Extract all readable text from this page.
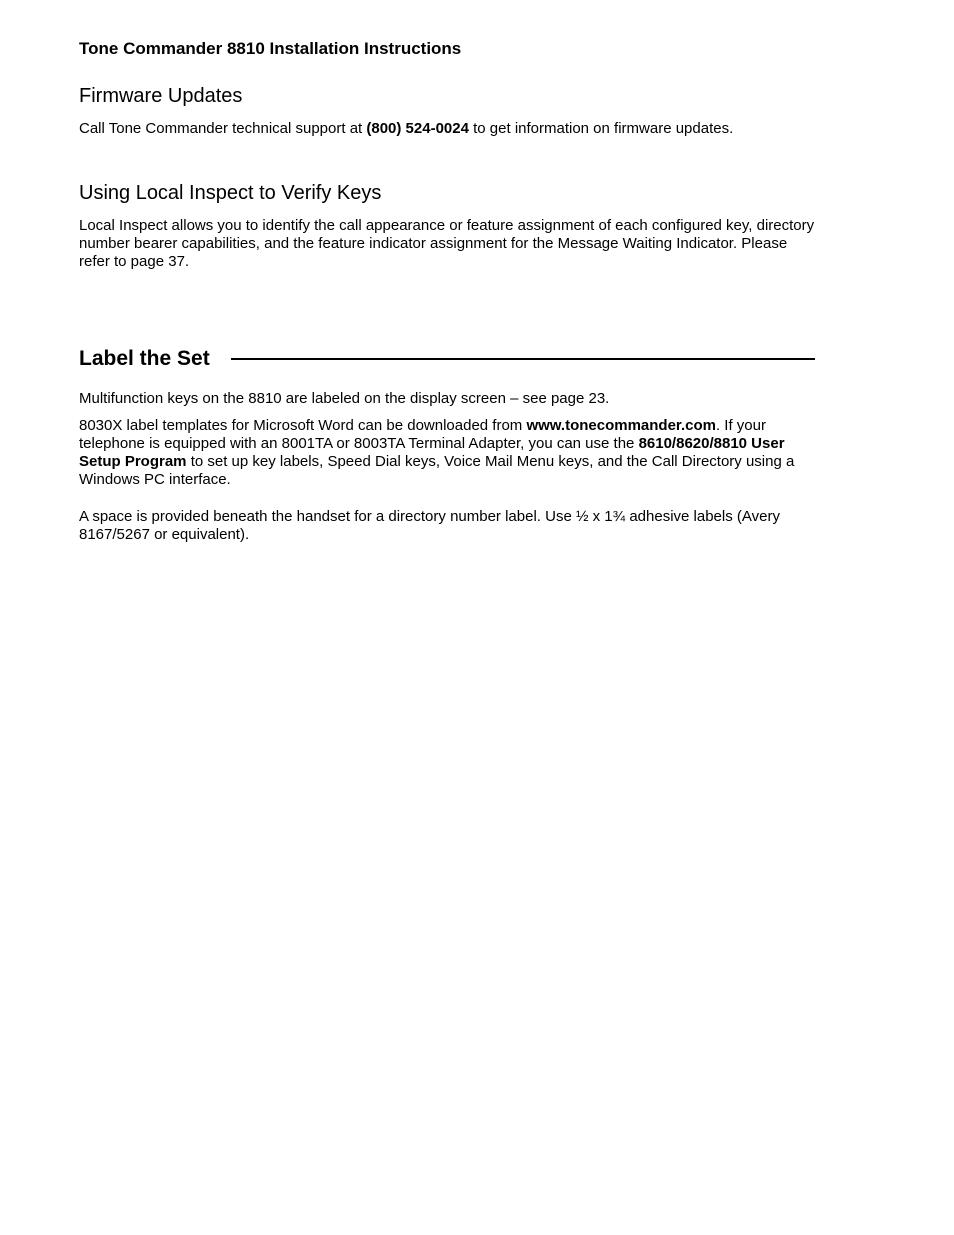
Tone Commander 8810 Installation Instructions
Firmware Updates
Call Tone Commander technical support at (800) 524-0024 to get information on firmware updates.
Using Local Inspect to Verify Keys
Local Inspect allows you to identify the call appearance or feature assignment of each configured key, directory number bearer capabilities, and the feature indicator assignment for the Message Waiting Indicator. Please refer to page 37.
Label the Set
Multifunction keys on the 8810 are labeled on the display screen – see page 23.
8030X label templates for Microsoft Word can be downloaded from www.tonecommander.com. If your telephone is equipped with an 8001TA or 8003TA Terminal Adapter, you can use the 8610/8620/8810 User Setup Program to set up key labels, Speed Dial keys, Voice Mail Menu keys, and the Call Directory using a Windows PC interface.
A space is provided beneath the handset for a directory number label. Use ½ x 1¾ adhesive labels (Avery 8167/5267 or equivalent).
